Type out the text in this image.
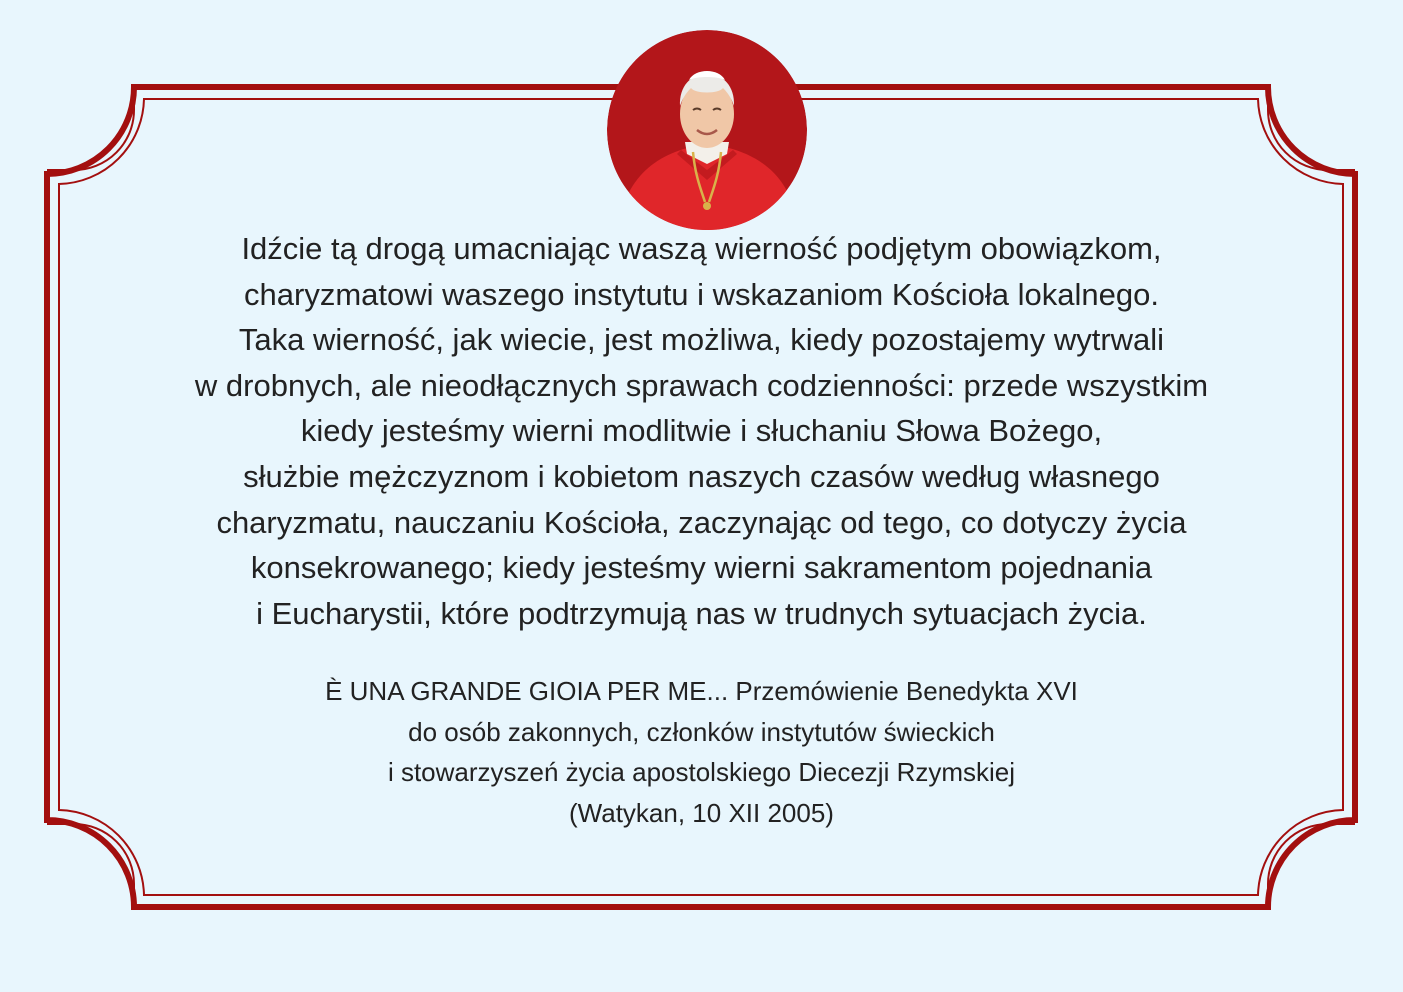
Idźcie tą drogą umacniając waszą wierność podjętym obowiązkom,
charyzmatowi waszego instytutu i wskazaniom Kościoła lokalnego.
Taka wierność, jak wiecie, jest możliwa, kiedy pozostajemy wytrwali
w drobnych, ale nieodłącznych sprawach codzienności: przede wszystkim
kiedy jesteśmy wierni modlitwie i słuchaniu Słowa Bożego,
służbie mężczyznom i kobietom naszych czasów według własnego
charyzmatu, nauczaniu Kościoła, zaczynając od tego, co dotyczy życia
konsekrowanego; kiedy jesteśmy wierni sakramentom pojednania
i Eucharystii, które podtrzymują nas w trudnych sytuacjach życia.
È UNA GRANDE GIOIA PER ME... Przemówienie Benedykta XVI
do osób zakonnych, członków instytutów świeckich
i stowarzyszeń życia apostolskiego Diecezji Rzymskiej
(Watykan, 10 XII 2005)
